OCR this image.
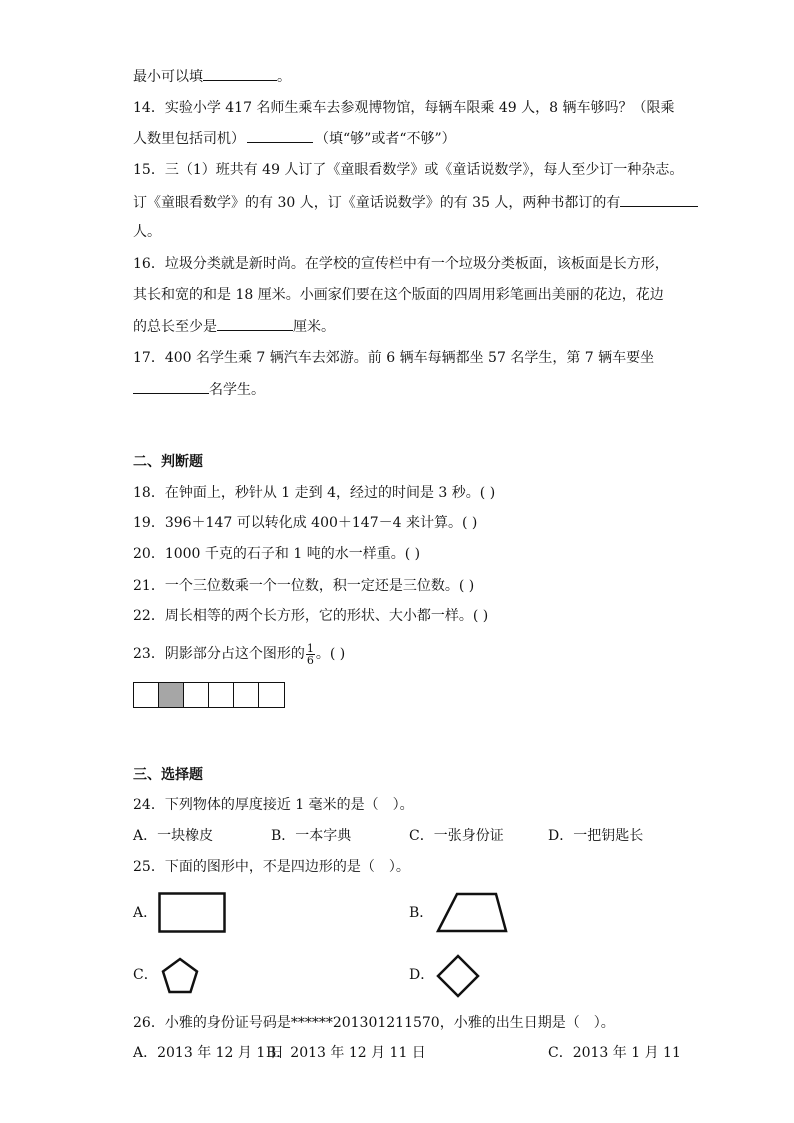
最小可以填	。
14．实验小学 417 名师生乘车去参观博物馆，每辆车限乘 49 人，8 辆车够吗？（限乘
人数里包括司机）	（填“够”或者“不够”）
15．三（1）班共有 49 人订了《童眼看数学》或《童话说数学》，每人至少订一种杂志。
订《童眼看数学》的有 30 人，订《童话说数学》的有 35 人，两种书都订的有
人。
16．垃圾分类就是新时尚。在学校的宣传栏中有一个垃圾分类板面，该板面是长方形，
其长和宽的和是 18 厘米。小画家们要在这个版面的四周用彩笔画出美丽的花边，花边
的总长至少是	厘米。
17．400 名学生乘 7 辆汽车去郊游。前 6 辆车每辆都坐 57 名学生，第 7 辆车要坐
名学生。
二、判断题
18．在钟面上，秒针从 1 走到 4，经过的时间是 3 秒。( )
19．396＋147 可以转化成 400＋147－4 来计算。( )
20．1000 千克的石子和 1 吨的水一样重。( )
21．一个三位数乘一个一位数，积一定还是三位数。( )
22．周长相等的两个长方形，它的形状、大小都一样。( )
23．阴影部分占这个图形的 $\frac{1}{6}$ 。( )
三、选择题
24．下列物体的厚度接近 1 毫米的是（　）。
A．一块橡皮	B．一本字典	C．一张身份证	D．一把钥匙长
25．下面的图形中，不是四边形的是（　）。
A．	B．
C．	D．
26．小雅的身份证号码是******201301211570，小雅的出生日期是（　）。
A．2013 年 12 月 1 日
B．2013 年 12 月 11 日	C．2013 年 1 月 11
